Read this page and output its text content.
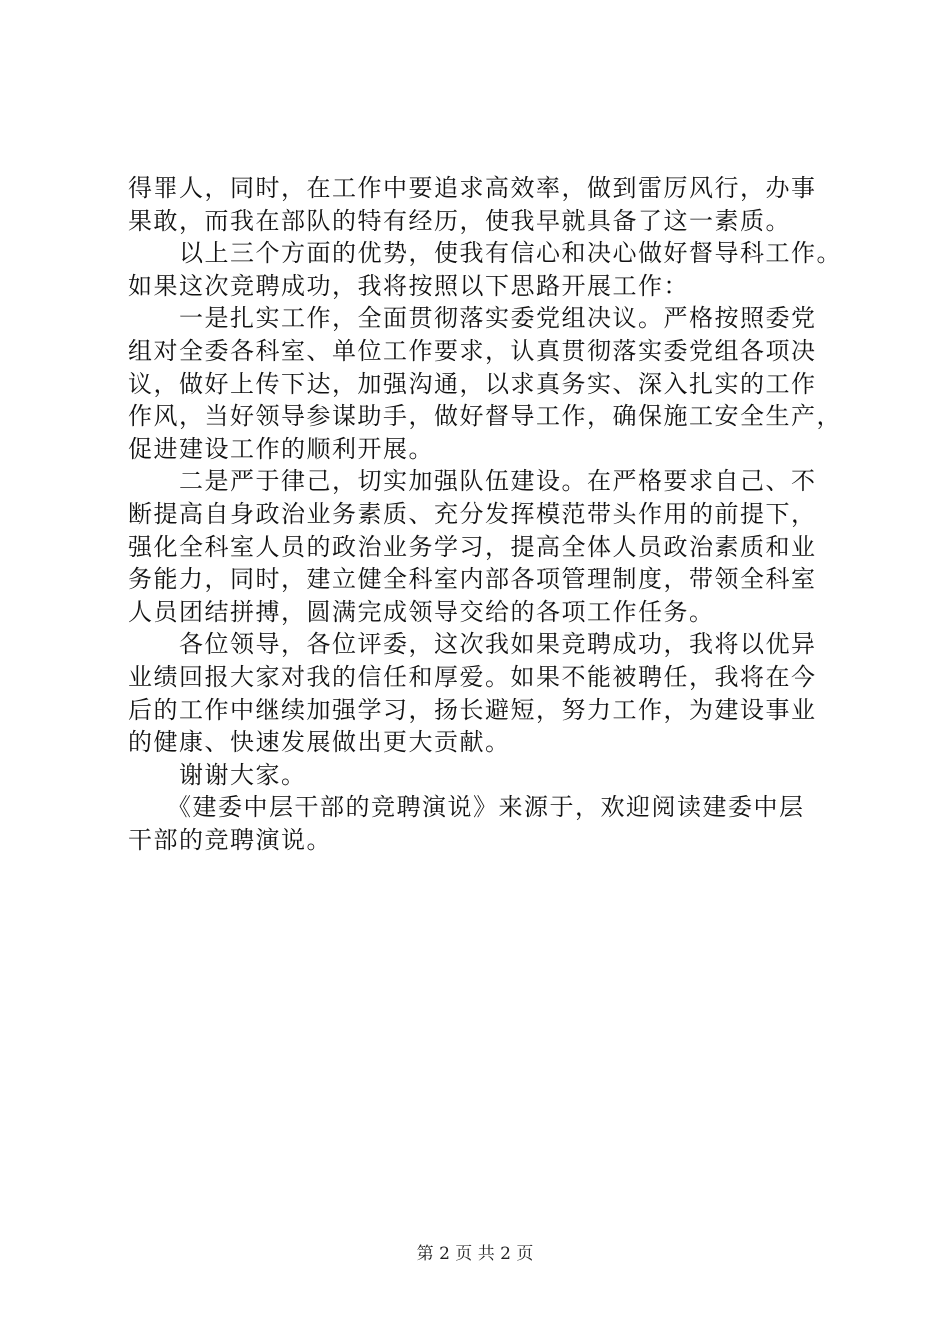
得罪人，同时，在工作中要追求高效率，做到雷厉风行，办事
果敢，而我在部队的特有经历，使我早就具备了这一素质。
　　以上三个方面的优势，使我有信心和决心做好督导科工作。
如果这次竞聘成功，我将按照以下思路开展工作：
　　一是扎实工作，全面贯彻落实委党组决议。严格按照委党
组对全委各科室、单位工作要求，认真贯彻落实委党组各项决
议，做好上传下达，加强沟通，以求真务实、深入扎实的工作
作风，当好领导参谋助手，做好督导工作，确保施工安全生产，
促进建设工作的顺利开展。
　　二是严于律己，切实加强队伍建设。在严格要求自己、不
断提高自身政治业务素质、充分发挥模范带头作用的前提下，
强化全科室人员的政治业务学习，提高全体人员政治素质和业
务能力，同时，建立健全科室内部各项管理制度，带领全科室
人员团结拼搏，圆满完成领导交给的各项工作任务。
　　各位领导，各位评委，这次我如果竞聘成功，我将以优异
业绩回报大家对我的信任和厚爱。如果不能被聘任，我将在今
后的工作中继续加强学习，扬长避短，努力工作，为建设事业
的健康、快速发展做出更大贡献。
　　谢谢大家。
　　《建委中层干部的竞聘演说》来源于，欢迎阅读建委中层
干部的竞聘演说。
第 2 页 共 2 页
